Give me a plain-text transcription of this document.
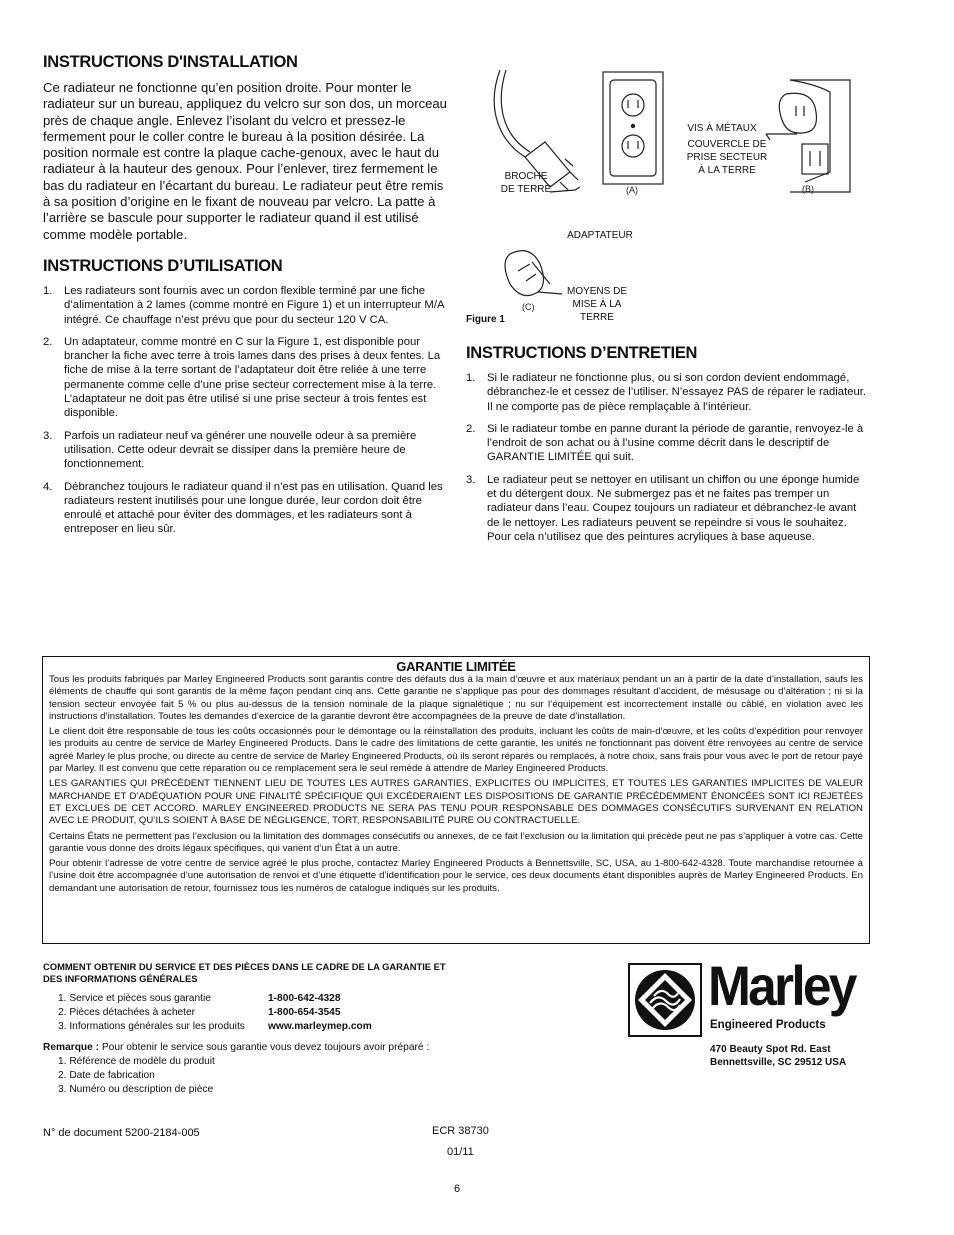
INSTRUCTIONS D'INSTALLATION
Ce radiateur ne fonctionne qu’en position droite. Pour monter le radiateur sur un bureau, appliquez du velcro sur son dos, un morceau près de chaque angle. Enlevez l’isolant du velcro et pressez-le fermement pour le coller contre le bureau à la position désirée. La position normale est contre la plaque cache-genoux, avec le haut du radiateur à la hauteur des genoux. Pour l’enlever, tirez fermement le bas du radiateur en l’écartant du bureau. Le radiateur peut être remis à sa position d’origine en le fixant de nouveau par velcro. La patte à l’arrière se bascule pour supporter le radiateur quand il est utilisé comme modèle portable.
INSTRUCTIONS D’UTILISATION
1. Les radiateurs sont fournis avec un cordon flexible terminé par une fiche d’alimentation à 2 lames (comme montré en Figure 1) et un interrupteur M/A intégré. Ce chauffage n’est prévu que pour du secteur 120 V CA.
2. Un adaptateur, comme montré en C sur la Figure 1, est disponible pour brancher la fiche avec terre à trois lames dans des prises à deux fentes. La fiche de mise à la terre sortant de l’adaptateur doit être reliée à une terre permanente comme celle d’une prise secteur correctement mise à la terre. L’adaptateur ne doit pas être utilisé si une prise secteur à trois fentes est disponible.
3. Parfois un radiateur neuf va générer une nouvelle odeur à sa première utilisation. Cette odeur devrait se dissiper dans la première heure de fonctionnement.
4. Débranchez toujours le radiateur quand il n’est pas en utilisation. Quand les radiateurs restent inutilisés pour une longue durée, leur cordon doit être enroulé et attaché pour éviter des dommages, et les radiateurs sont à entreposer en lieu sûr.
(A)	(B)
(C)
BROCHE
DE TERRE
VIS À MÉTAUX
COUVERCLE DE
PRISE SECTEUR
À LA TERRE
ADAPTATEUR
MOYENS DE
MISE À LA
TERRE
Figure 1
INSTRUCTIONS D’ENTRETIEN
1. Si le radiateur ne fonctionne plus, ou si son cordon devient endommagé, débranchez-le et cessez de l’utiliser. N’essayez PAS de réparer le radiateur. Il ne comporte pas de pièce remplaçable à l’intérieur.
2. Si le radiateur tombe en panne durant la période de garantie, renvoyez-le à l’endroit de son achat ou à l’usine comme décrit dans le descriptif de GARANTIE LIMITÉE qui suit.
3. Le radiateur peut se nettoyer en utilisant un chiffon ou une éponge humide et du détergent doux. Ne submergez pas et ne faites pas tremper un radiateur dans l’eau. Coupez toujours un radiateur et débranchez-le avant de le nettoyer. Les radiateurs peuvent se repeindre si vous le souhaitez. Pour cela n’utilisez que des peintures acryliques à base aqueuse.
GARANTIE LIMITÉE

Tous les produits fabriqués par Marley Engineered Products sont garantis contre des défauts dus à la main d’œuvre et aux matériaux pendant un an à partir de la date d’installation, saufs les éléments de chauffe qui sont garantis de la même façon pendant cinq ans. Cette garantie ne s’applique pas pour des dommages résultant d’accident, de mésusage ou d’altération ; ni si la tension secteur envoyée fait 5 % ou plus au-dessus de la tension nominale de la plaque signalétique ; nu sur l’équipement est incorrectement installé ou câblé, en violation avec les instructions d’installation. Toutes les demandes d’exercice de la garantie devront être accompagnées de la preuve de date d’installation.

Le client doit être responsable de tous les coûts occasionnés pour le démontage ou la réinstallation des produits, incluant les coûts de main-d’œuvre, et les coûts d’expédition pour renvoyer les produits au centre de service de Marley Engineered Products. Dans le cadre des limitations de cette garantie, les unités ne fonctionnant pas doivent être renvoyées au centre de service agréé Marley le plus proche, ou directe au centre de service de Marley Engineered Products, où ils seront réparés ou remplacés, à notre choix, sans frais pour vous avec le port de retour payé par Marley. Il est convenu que cette réparation ou ce remplacement sera le seul remède à attendre de Marley Engineered Products.

LES GARANTIES QUI PRÉCÈDENT TIENNENT LIEU DE TOUTES LES AUTRES GARANTIES, EXPLICITES OU IMPLICITES, ET TOUTES LES GARANTIES IMPLICITES DE VALEUR MARCHANDE ET D’ADÉQUATION POUR UNE FINALITÉ SPÉCIFIQUE QUI EXCÉDERAIENT LES DISPOSITIONS DE GARANTIE PRÉCÉDEMMENT ÉNONCÉES SONT ICI REJETÉES ET EXCLUES DE CET ACCORD. MARLEY ENGINEERED PRODUCTS NE SERA PAS TENU POUR RESPONSABLE DES DOMMAGES CONSÉCUTIFS SURVENANT EN RELATION AVEC LE PRODUIT, QU’ILS SOIENT À BASE DE NÉGLIGENCE, TORT, RESPONSABILITÉ PURE OU CONTRACTUELLE.

Certains États ne permettent pas l’exclusion ou la limitation des dommages consécutifs ou annexes, de ce fait l’exclusion ou la limitation qui précède peut ne pas s’appliquer à votre cas. Cette garantie vous donne des droits légaux spécifiques, qui varient d’un État à un autre.

Pour obtenir l’adresse de votre centre de service agréé le plus proche, contactez Marley Engineered Products à Bennettsville, SC, USA, au 1-800-642-4328. Toute marchandise retournée à l’usine doit être accompagnée d’une autorisation de renvoi et d’une étiquette d’identification pour le service, ces deux documents étant disponibles auprès de Marley Engineered Products. En demandant une autorisation de retour, fournissez tous les numéros de catalogue indiqués sur les produits.

COMMENT OBTENIR DU SERVICE ET DES PIÈCES DANS LE CADRE DE LA GARANTIE ET DES INFORMATIONS GÉNÉRALES
1. Service et pièces sous garantie	1-800-642-4328
2. Pièces détachées à acheter	1-800-654-3545
3. Informations générales sur les produits www.marleymep.com
Remarque : Pour obtenir le service sous garantie vous devez toujours avoir préparé :
1. Référence de modèle du produit
2. Date de fabrication
3. Numéro ou description de pièce
Marley
Engineered Products
470 Beauty Spot Rd. East
Bennettsville, SC 29512 USA
N° de document 5200-2184-005	ECR 38730
01/11
6
